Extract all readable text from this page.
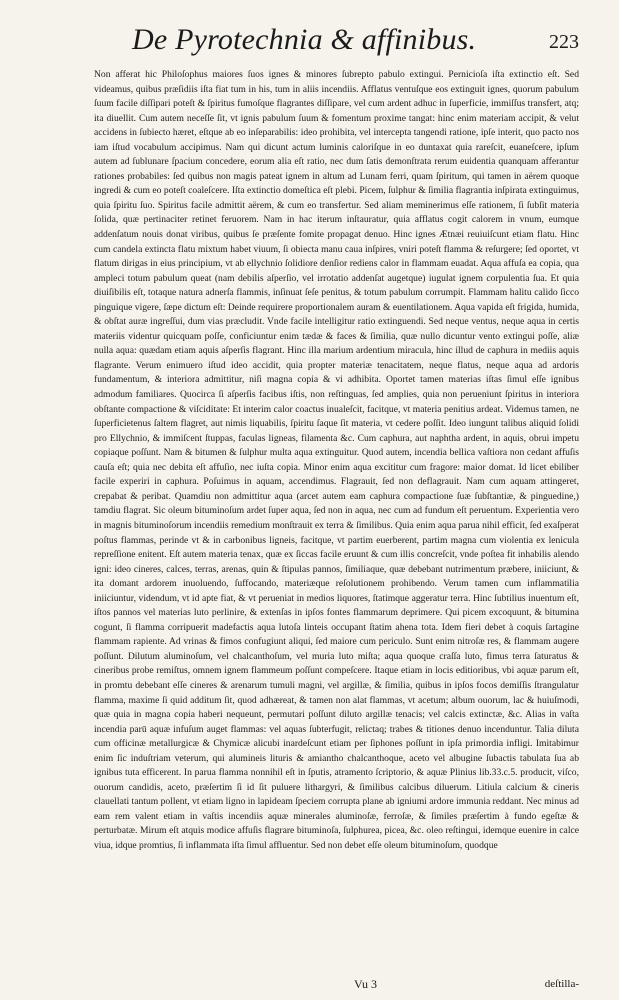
De Pyrotechnia & affinibus.	223
Non afferat hic Philoſophus maiores ſuos ignes & minores ſubrepto pabulo extingui. Pernicioſa iſta extinctio eſt. Sed videamus, quibus præſidiis iſta fiat tum in his, tum in aliis incendiis. Afflatus ventuſque eos extinguit ignes, quorum pabulum ſuum facile diſſipari poteſt & ſpiritus fumoſque flagrantes diſſipare, vel cum ardent adhuc in ſuperficie, immiſſus transfert, atq; ita diuellit. Cum autem neceſſe ſit, vt ignis pabulum ſuum & fomentum proxime tangat: hinc enim materiam accipit, & velut accidens in ſubiecto hæret, eſtque ab eo inſeparabilis: ideo prohibita, vel intercepta tangendi ratione, ipſe interit, quo pacto nos iam iſtud vocabulum accipimus. Nam qui dicunt actum luminis caloriſque in eo duntaxat quia rareſcit, euaneſcere, ipſum autem ad ſublunare ſpacium concedere, eorum alia eſt ratio, nec dum ſatis demonſtrata rerum euidentia quanquam afferantur rationes probabiles: ſed quibus non magis pateat ignem in altum ad Lunam ferri, quam ſpiritum, qui tamen in aërem quoque ingredi & cum eo poteſt coaleſcere. Iſta extinctio domeſtica eſt plebi. Picem, ſulphur & ſimilia flagrantia inſpirata extinguimus, quia ſpiritu ſuo. Spiritus facile admittit aërem, & cum eo transfertur. Sed aliam meminerimus eſſe rationem, ſi ſubſit materia ſolida, quæ pertinaciter retinet feruorem. Nam in hac iterum inſtauratur, quia afflatus cogit calorem in vnum, eumque addenſatum nouis donat viribus, quibus ſe præſente fomite propagat denuo. Hinc ignes Ætnæi reuiuiſcunt etiam flatu. Hinc cum candela extincta flatu mixtum habet viuum, ſi obiecta manu caua inſpires, vniri poteſt flamma & reſurgere; ſed oportet, vt flatum dirigas in eius principium, vt ab ellychnio ſolidiore denſior rediens calor in flammam euadat. Aqua affuſa ea copia, qua ampleci totum pabulum queat (nam debilis aſperſio, vel irrotatio addenſat augetque) iugulat ignem corpulentia ſua. Et quia diuiſibilis eſt, totaque natura adnerſa flammis, inſinuat ſeſe penitus, & totum pabulum corrumpit. Flammam halitu calido ſicco pinguique vigere, ſæpe dictum eſt: Deinde requirere proportionalem auram & euentilationem. Aqua vapida eſt frigida, humida, & obſtat auræ ingreſſui, dum vias præcludit. Vnde facile intelligitur ratio extinguendi. Sed neque ventus, neque aqua in certis materiis videntur quicquam poſſe, conficiuntur enim tædæ & faces & ſimilia, quæ nullo dicuntur vento extingui poſſe, aliæ nulla aqua: quædam etiam aquis aſperſis flagrant. Hinc illa marium ardentium miracula, hinc illud de caphura in mediis aquis flagrante. Verum enimuero iſtud ideo accidit, quia propter materiæ tenacitatem, neque flatus, neque aqua ad ardoris fundamentum, & interiora admittitur, niſi magna copia & vi adhibita. Oportet tamen materias iſtas ſimul eſſe ignibus admodum familiares. Quocirca ſi aſperſis facibus iſtis, non reſtinguas, ſed amplies, quia non perueniunt ſpiritus in interiora obſtante compactione & viſciditate: Et interim calor coactus inualeſcit, facitque, vt materia penitius ardeat. Videmus tamen, ne ſuperficietenus ſaltem flagret, aut nimis liquabilis, ſpiritu ſaque ſit materia, vt cedere poſſit. Ideo iungunt talibus aliquid ſolidi pro Ellychnio, & immiſcent ſtuppas, faculas ligneas, filamenta &c. Cum caphura, aut naphtha ardent, in aquis, obrui impetu copiaque poſſunt. Nam & bitumen & ſulphur multa aqua extinguitur. Quod autem, incendia bellica vaſtiora non cedant affuſis cauſa eſt; quia nec debita eſt affuſio, nec iuſta copia. Minor enim aqua excititur cum fragore: maior domat. Id licet ebiliber facile experiri in caphura. Poſuimus in aquam, accendimus. Flagrauit, ſed non deflagrauit. Nam cum aquam attingeret, crepabat & peribat. Quamdiu non admittitur aqua (arcet autem eam caphura compactione ſuæ ſubſtantiæ, & pinguedine,) tamdiu flagrat. Sic oleum bituminoſum ardet ſuper aqua, ſed non in aqua, nec cum ad fundum eſt peruentum. Experientia vero in magnis bituminoſorum incendiis remedium monſtrauit ex terra & ſimilibus. Quia enim aqua parua nihil efficit, ſed exaſperat poſtus flammas, perinde vt & in carbonibus ligneis, facitque, vt partim euerberent, partim magna cum violentia ex lenicula repreſſione enitent. Eſt autem materia tenax, quæ ex ſiccas facile eruunt & cum illis concreſcit, vnde poſtea fit inhabilis alendo igni: ideo cineres, calces, terras, arenas, quin & ſtipulas pannos, ſimiliaque, quæ debebant nutrimentum præbere, iniiciunt, & ita domant ardorem inuoluendo, ſuffocando, materiæque reſolutionem prohibendo. Verum tamen cum inflammatilia iniiciuntur, videndum, vt id apte fiat, & vt perueniat in medios liquores, ſtatimque aggeratur terra. Hinc ſubtilius inuentum eſt, iſtos pannos vel materias luto perlinire, & extenſas in ipſos fontes flammarum deprimere. Qui picem excoquunt, & bitumina cogunt, ſi flamma corripuerit madefactis aqua lutoſa linteis occupant ſtatim ahena tota. Idem fieri debet à coquis ſartagine flammam rapiente. Ad vrinas & fimos confugiunt aliqui, ſed maiore cum periculo. Sunt enim nitroſæ res, & flammam augere poſſunt. Dilutum aluminoſum, vel chalcanthoſum, vel muria luto miſta; aqua quoque craſſa luto, fimus terra ſaturatus & cineribus probe remiſtus, omnem ignem flammeum poſſunt compeſcere. Itaque etiam in locis editioribus, vbi aquæ parum eſt, in promtu debebant eſſe cineres & arenarum tumuli magni, vel argillæ, & ſimilia, quibus in ipſos focos demiſſis ſtrangulatur flamma, maxime ſi quid additum ſit, quod adhæreat, & tamen non alat flammas, vt acetum; album ouorum, lac & huiuſmodi, quæ quia in magna copia haberi nequeunt, permutari poſſunt diluto argillæ tenacis; vel calcis extinctæ, &c. Alias in vaſta incendia parū aquæ infuſum auget flammas: vel aquas ſubterfugit, relictaq; trabes & titiones denuo incenduntur. Talia diluta cum officinæ metallurgicæ & Chymicæ alicubi inardeſcunt etiam per ſiphones poſſunt in ipſa primordia infligi. Imitabimur enim ſic induſtriam veterum, qui alumineis lituris & amiantho chalcanthoque, aceto vel albugine ſubactis tabulata ſua ab ignibus tuta efficerent. In parua flamma nonnihil eſt in ſputis, atramento ſcriptorio, & aquæ Plinius lib.33.c.5. producit, viſco, ouorum candidis, aceto, præſertim ſi id ſit puluere lithargyri, & ſimilibus calcibus diluerum. Litiula calcium & cineris clauellati tantum pollent, vt etiam ligno in lapideam ſpeciem corrupta plane ab igniumi ardore immunia reddant. Nec minus ad eam rem valent etiam in vaſtis incendiis aquæ minerales aluminoſæ, ferroſæ, & ſimiles præſertim à fundo egeſtæ & perturbatæ. Mirum eſt atquis modice affuſis flagrare bituminoſa, ſulphurea, picea, &c. oleo reſtingui, idemque euenire in calce viua, idque promtius, ſi inflammata iſta ſimul affluentur. Sed non debet eſſe oleum bituminoſum, quodque
Vu 3	deſtilla-
